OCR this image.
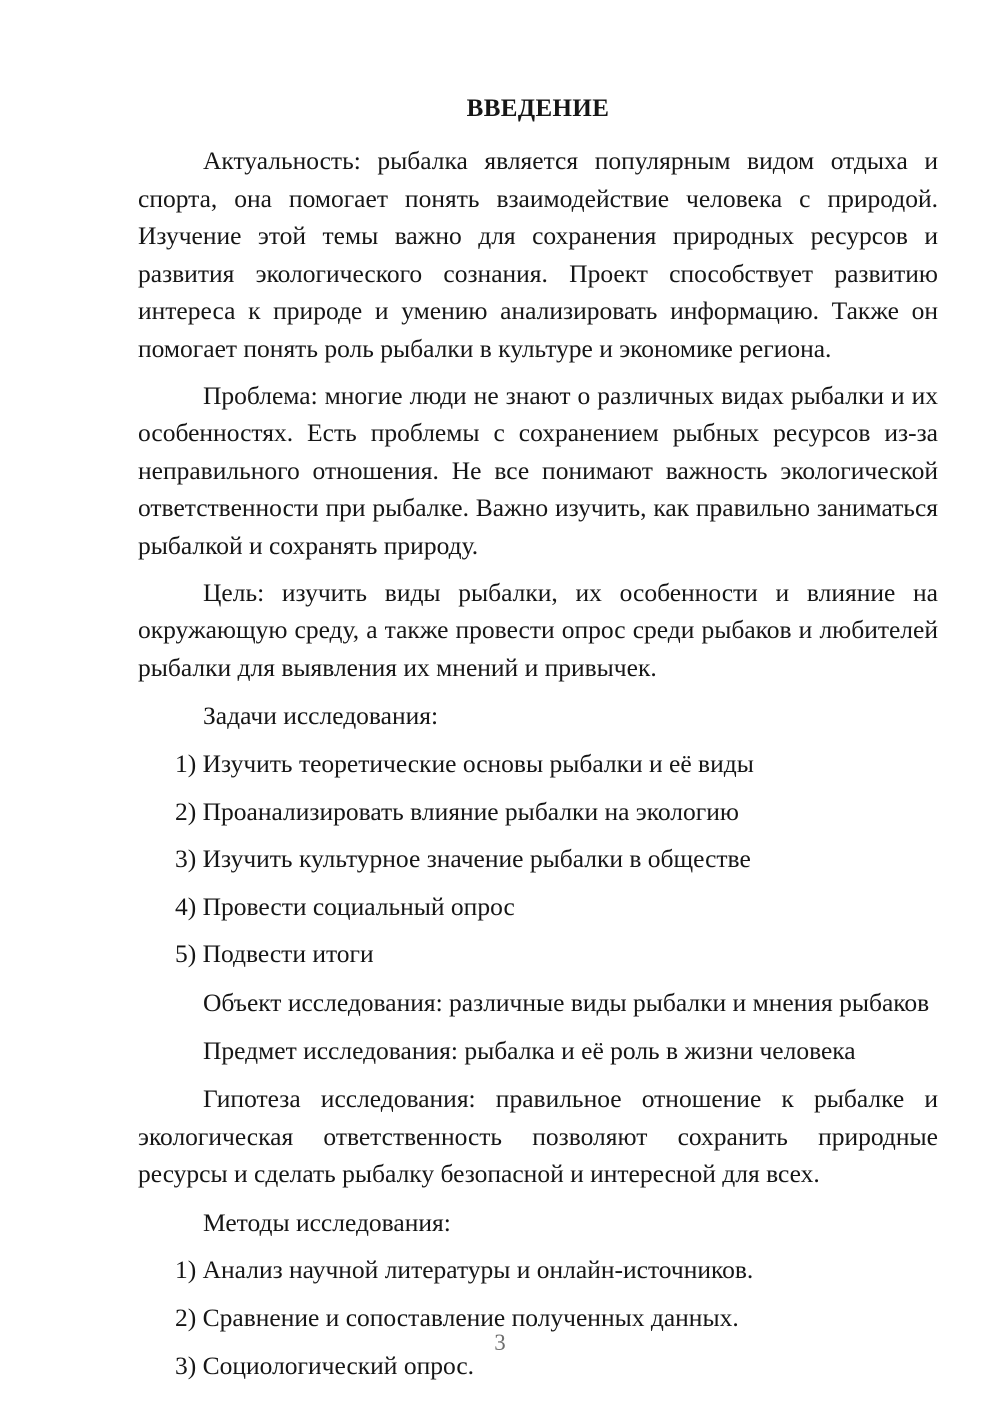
ВВЕДЕНИЕ

Актуальность: рыбалка является популярным видом отдыха и спорта, она помогает понять взаимодействие человека с природой. Изучение этой темы важно для сохранения природных ресурсов и развития экологического сознания. Проект способствует развитию интереса к природе и умению анализировать информацию. Также он помогает понять роль рыбалки в культуре и экономике региона.

Проблема: многие люди не знают о различных видах рыбалки и их особенностях. Есть проблемы с сохранением рыбных ресурсов из-за неправильного отношения. Не все понимают важность экологической ответственности при рыбалке. Важно изучить, как правильно заниматься рыбалкой и сохранять природу.

Цель: изучить виды рыбалки, их особенности и влияние на окружающую среду, а также провести опрос среди рыбаков и любителей рыбалки для выявления их мнений и привычек.

Задачи исследования:

1) Изучить теоретические основы рыбалки и её виды
2) Проанализировать влияние рыбалки на экологию
3) Изучить культурное значение рыбалки в обществе
4) Провести социальный опрос
5) Подвести итоги

Объект исследования: различные виды рыбалки и мнения рыбаков

Предмет исследования: рыбалка и её роль в жизни человека

Гипотеза исследования: правильное отношение к рыбалке и экологическая ответственность позволяют сохранить природные ресурсы и сделать рыбалку безопасной и интересной для всех.

Методы исследования:

1) Анализ научной литературы и онлайн-источников.
2) Сравнение и сопоставление полученных данных.
3) Социологический опрос.
3
